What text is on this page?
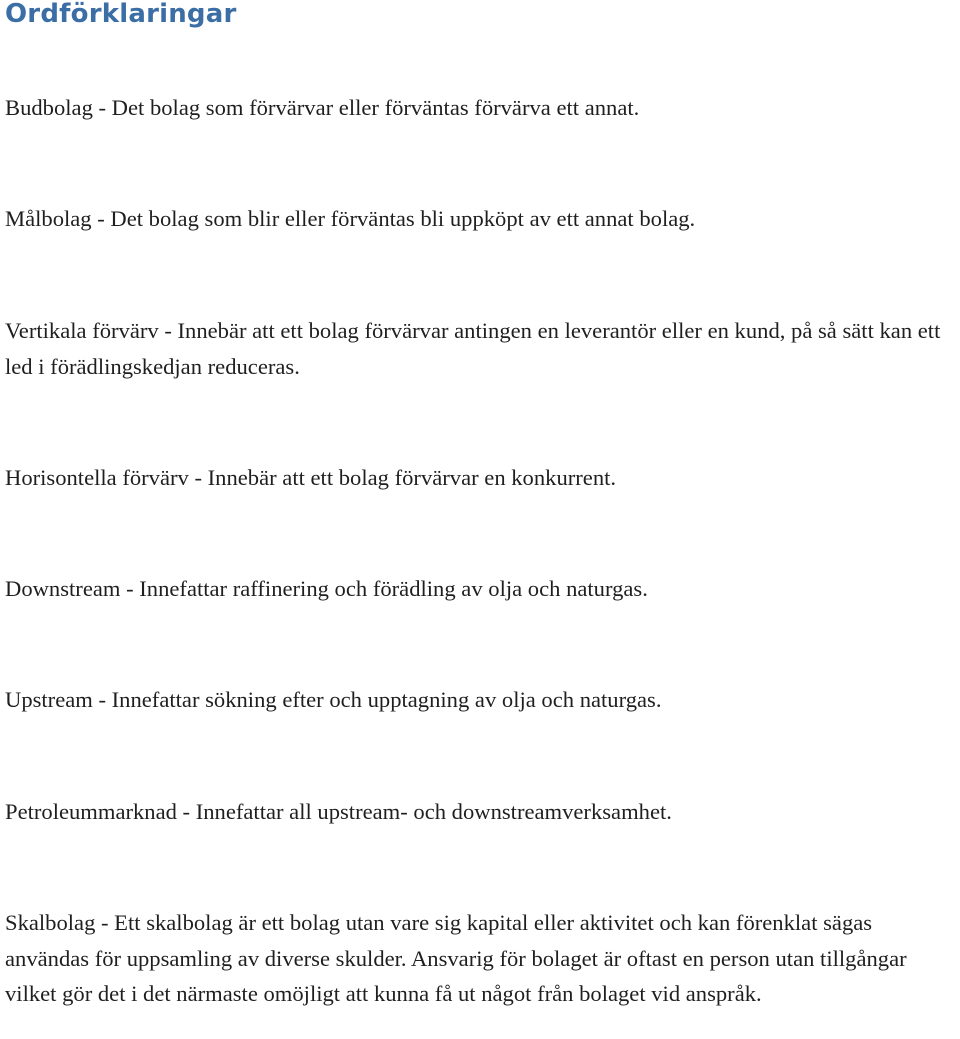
Ordförklaringar

Budbolag - Det bolag som förvärvar eller förväntas förvärva ett annat.

Målbolag - Det bolag som blir eller förväntas bli uppköpt av ett annat bolag.

Vertikala förvärv - Innebär att ett bolag förvärvar antingen en leverantör eller en kund, på så sätt kan ett led i förädlingskedjan reduceras.

Horisontella förvärv - Innebär att ett bolag förvärvar en konkurrent.

Downstream - Innefattar raffinering och förädling av olja och naturgas.

Upstream - Innefattar sökning efter och upptagning av olja och naturgas.

Petroleummarknad - Innefattar all upstream- och downstreamverksamhet.

Skalbolag - Ett skalbolag är ett bolag utan vare sig kapital eller aktivitet och kan förenklat sägas användas för uppsamling av diverse skulder. Ansvarig för bolaget är oftast en person utan tillgångar vilket gör det i det närmaste omöjligt att kunna få ut något från bolaget vid anspråk.
